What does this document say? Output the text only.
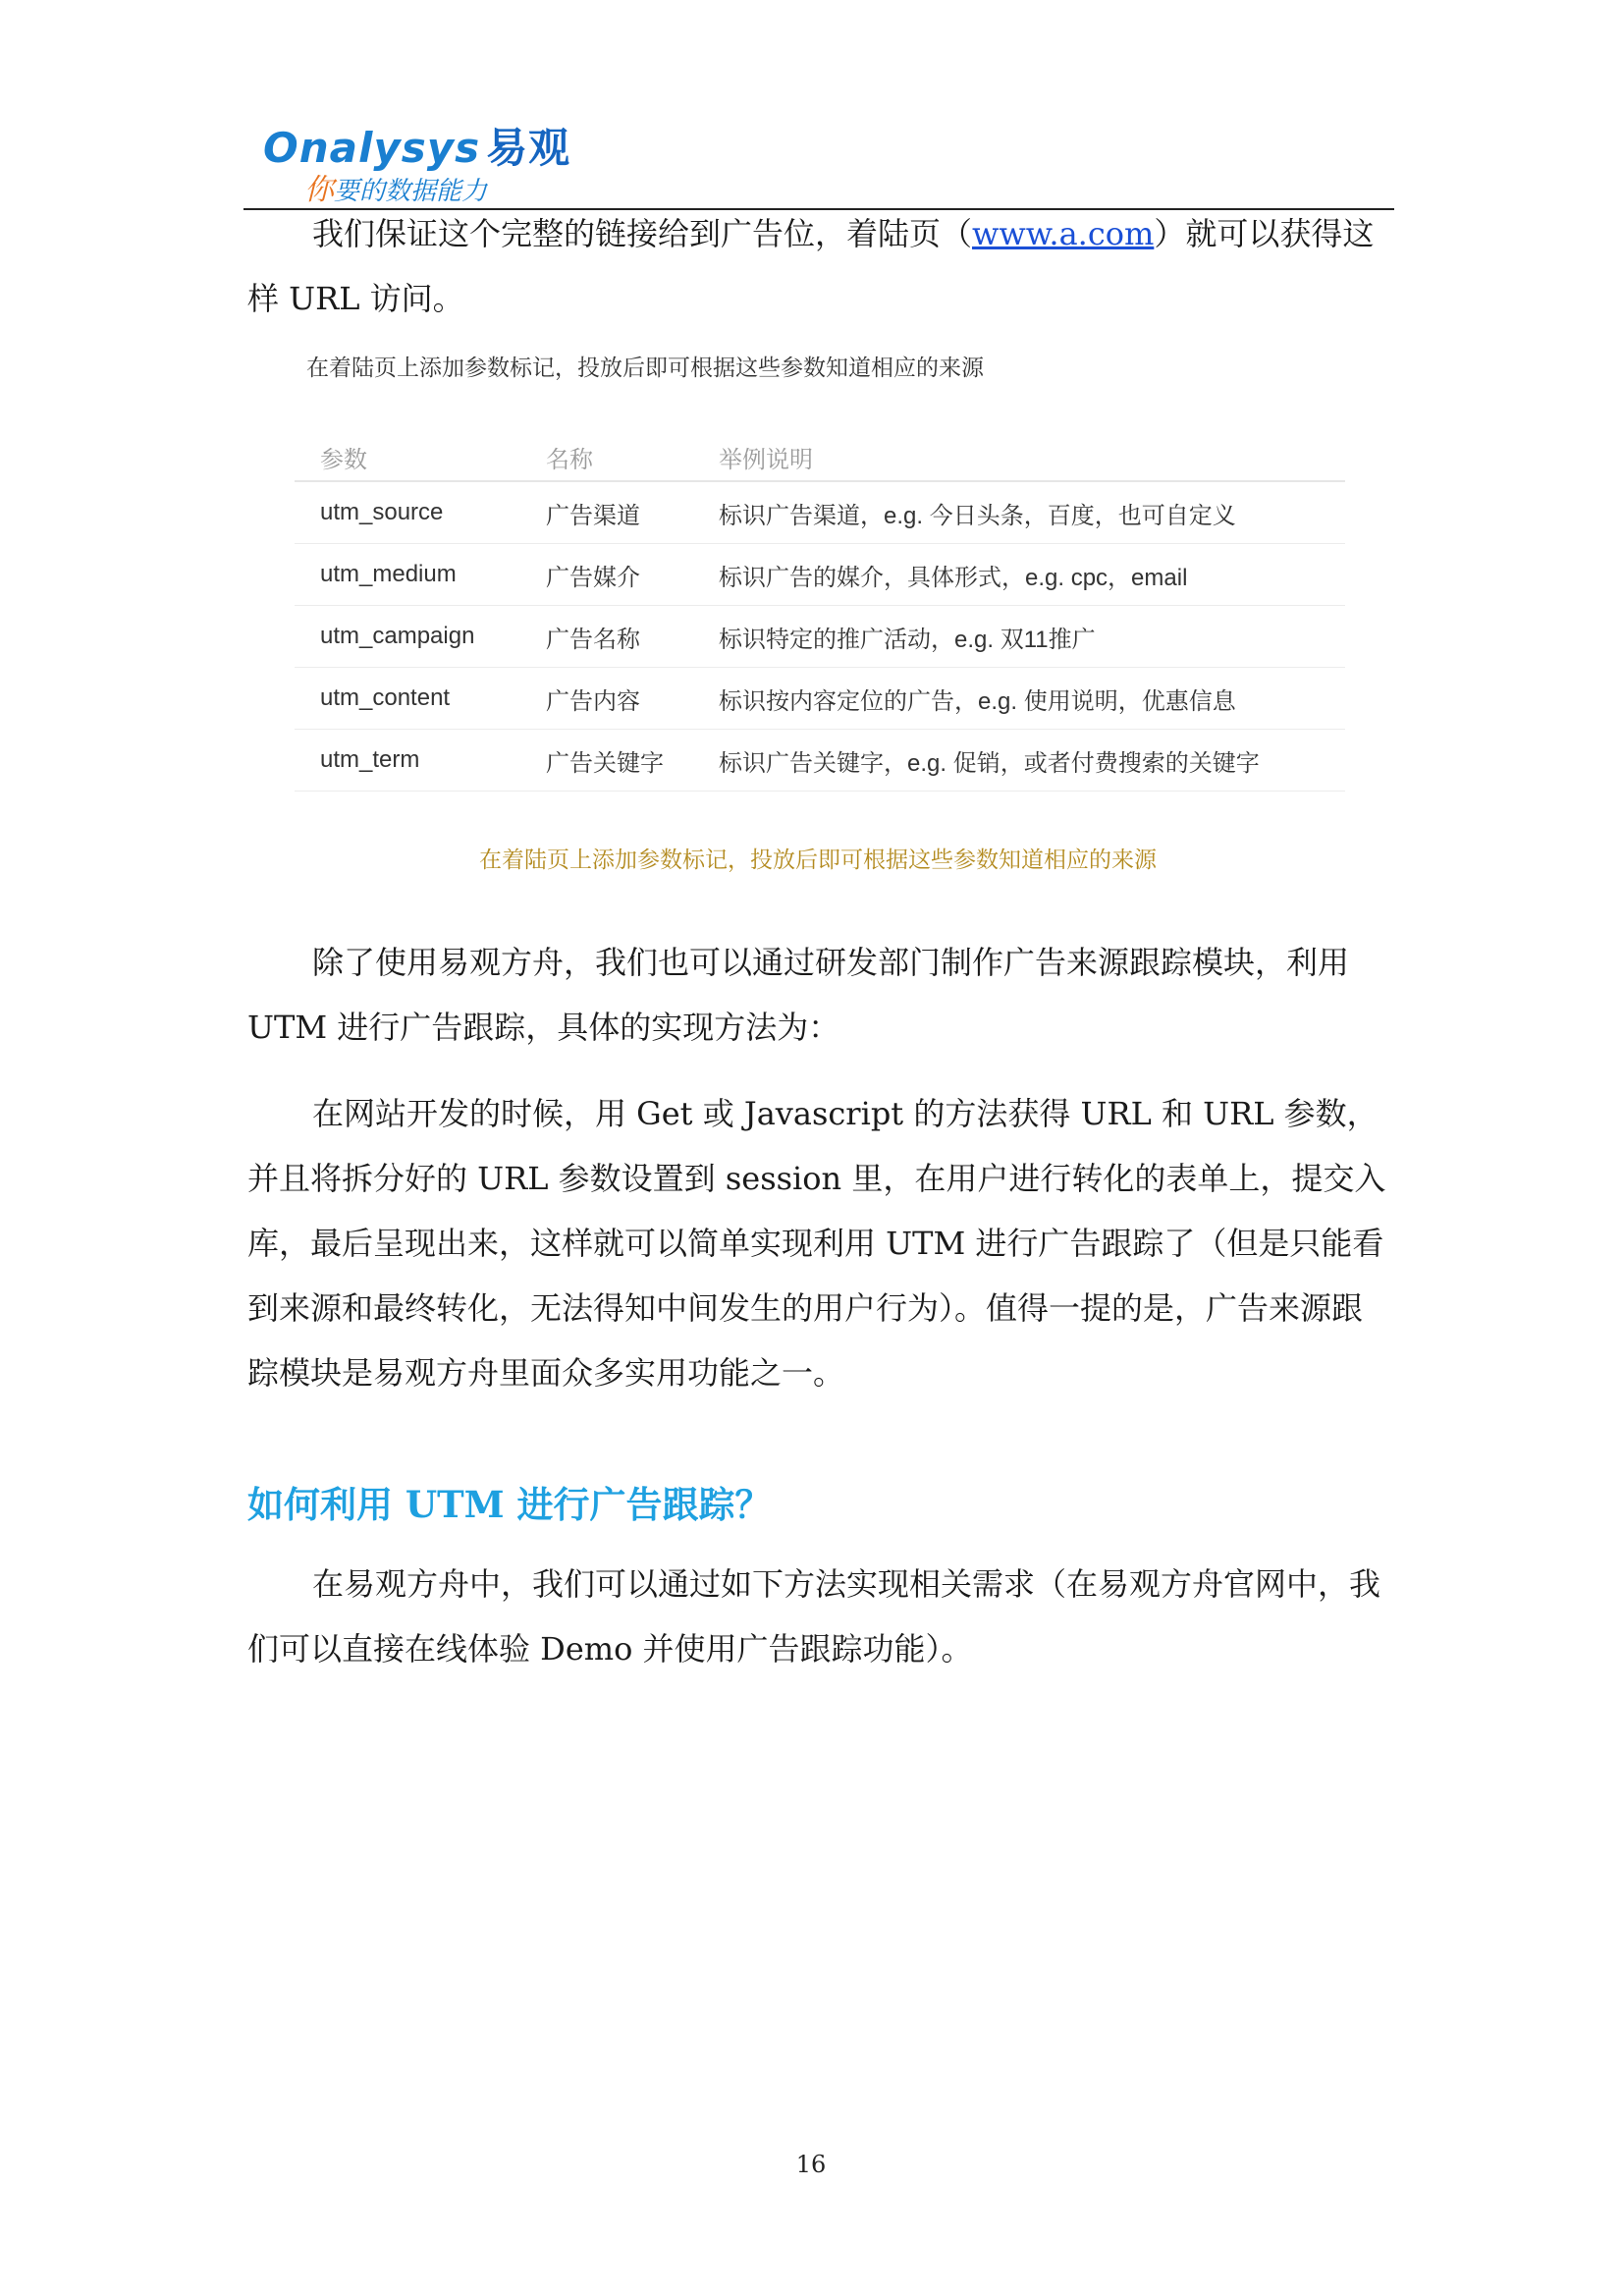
Onalysys 易观
你要的数据能力

我们保证这个完整的链接给到广告位，着陆页（www.a.com）就可以获得这样 URL 访问。

在着陆页上添加参数标记，投放后即可根据这些参数知道相应的来源

参数	名称	举例说明
utm_source	广告渠道	标识广告渠道，e.g. 今日头条，百度，也可自定义
utm_medium	广告媒介	标识广告的媒介，具体形式，e.g. cpc，email
utm_campaign	广告名称	标识特定的推广活动，e.g. 双11推广
utm_content	广告内容	标识按内容定位的广告，e.g. 使用说明，优惠信息
utm_term	广告关键字	标识广告关键字，e.g. 促销，或者付费搜索的关键字
在着陆页上添加参数标记，投放后即可根据这些参数知道相应的来源

除了使用易观方舟，我们也可以通过研发部门制作广告来源跟踪模块，利用 UTM 进行广告跟踪，具体的实现方法为：

在网站开发的时候，用 Get 或 Javascript 的方法获得 URL 和 URL 参数，并且将拆分好的 URL 参数设置到 session 里，在用户进行转化的表单上，提交入库，最后呈现出来，这样就可以简单实现利用 UTM 进行广告跟踪了（但是只能看到来源和最终转化，无法得知中间发生的用户行为）。值得一提的是，广告来源跟踪模块是易观方舟里面众多实用功能之一。

如何利用 UTM 进行广告跟踪？

在易观方舟中，我们可以通过如下方法实现相关需求（在易观方舟官网中，我们可以直接在线体验 Demo 并使用广告跟踪功能）。

16
